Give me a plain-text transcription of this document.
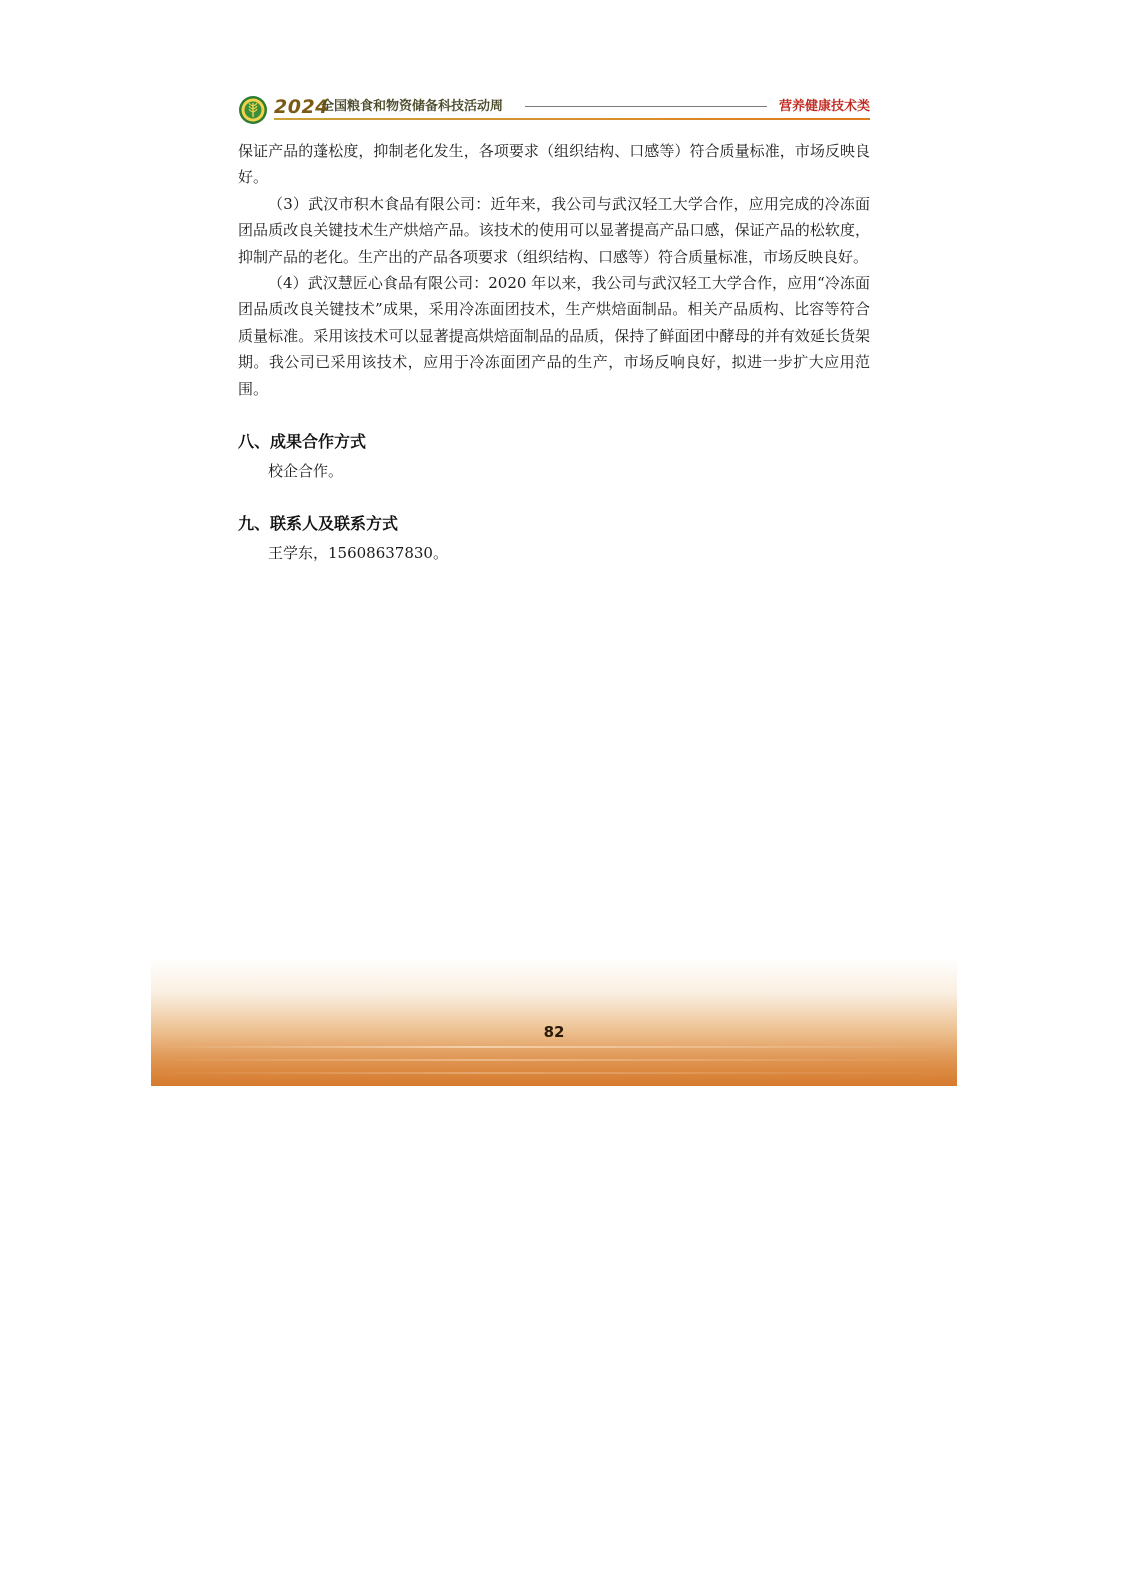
2024
全国粮食和物资储备科技活动周	营养健康技术类

保证产品的蓬松度，抑制老化发生，各项要求（组织结构、口感等）符合质量标准，市场反映良好。

（3）武汉市积木食品有限公司：近年来，我公司与武汉轻工大学合作，应用完成的冷冻面团品质改良关键技术生产烘焙产品。该技术的使用可以显著提高产品口感，保证产品的松软度，抑制产品的老化。生产出的产品各项要求（组织结构、口感等）符合质量标准，市场反映良好。

（4）武汉慧匠心食品有限公司：2020 年以来，我公司与武汉轻工大学合作，应用“冷冻面团品质改良关键技术”成果，采用冷冻面团技术，生产烘焙面制品。相关产品质构、比容等符合质量标准。采用该技术可以显著提高烘焙面制品的品质，保持了鲜面团中酵母的并有效延长货架期。我公司已采用该技术，应用于冷冻面团产品的生产，市场反响良好，拟进一步扩大应用范围。

八、成果合作方式

校企合作。

九、联系人及联系方式

王学东，15608637830。

82
